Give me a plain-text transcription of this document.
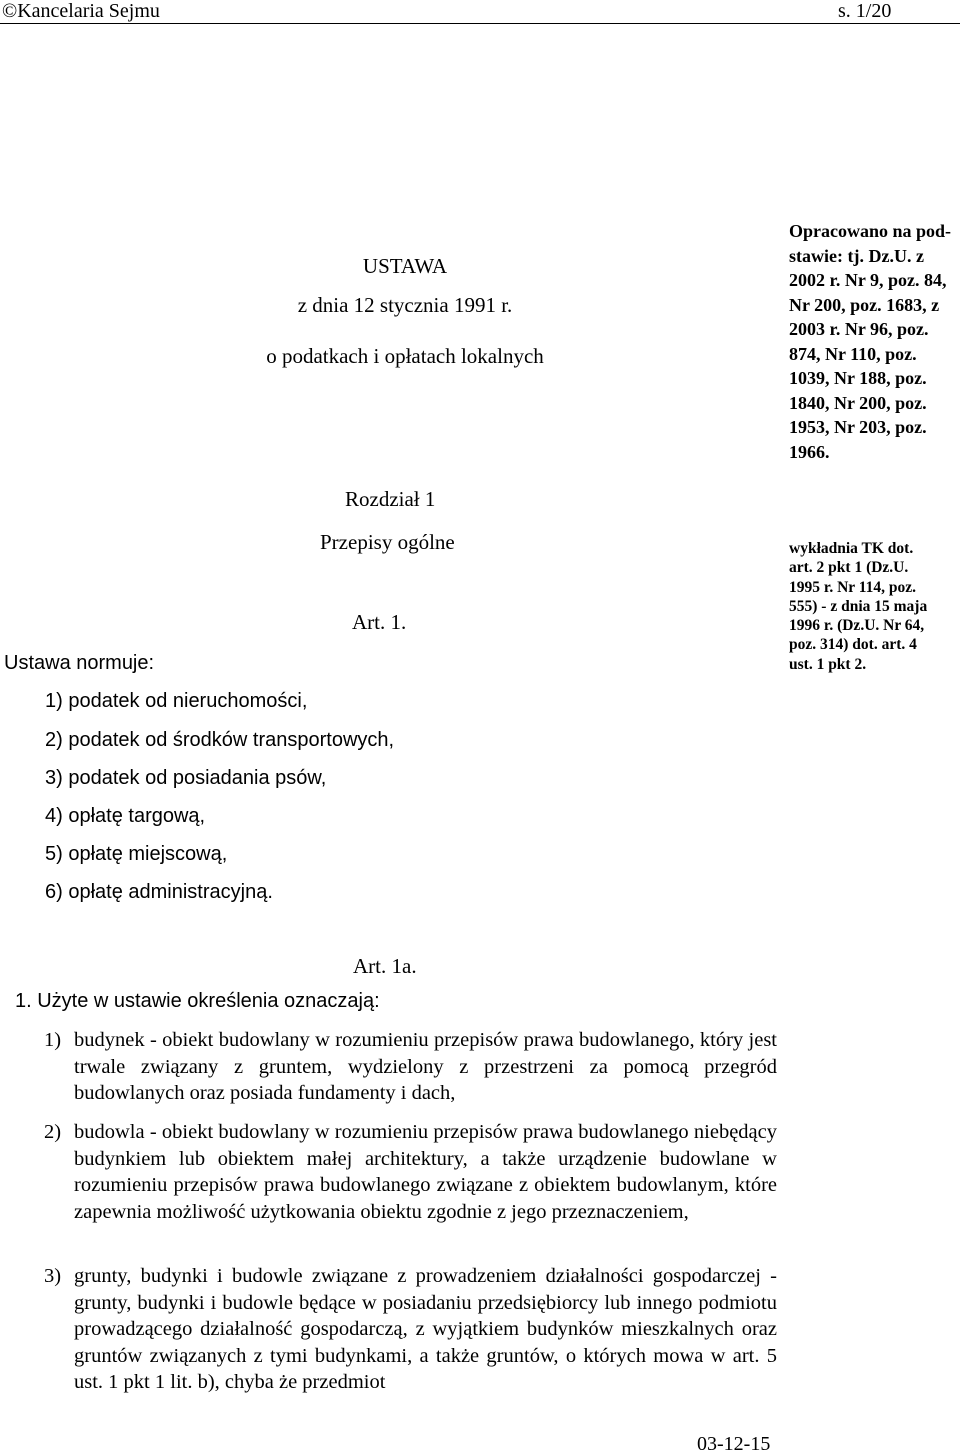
©Kancelaria Sejmu	s. 1/20
USTAWA
z dnia 12 stycznia 1991 r.
o podatkach i opłatach lokalnych
Opracowano na pod-
stawie: tj. Dz.U. z
2002 r. Nr 9, poz. 84,
Nr 200, poz. 1683, z
2003 r. Nr 96, poz.
874, Nr 110, poz.
1039, Nr 188, poz.
1840, Nr 200, poz.
1953, Nr 203, poz.
1966.
Rozdział 1
Przepisy ogólne	wykładnia TK dot.
art. 2 pkt 1 (Dz.U.
1995 r. Nr 114, poz.
555) - z dnia 15 maja
1996 r. (Dz.U. Nr 64,
poz. 314) dot. art. 4
ust. 1 pkt 2.
Art. 1.
Ustawa normuje:
1) podatek od nieruchomości,
2) podatek od środków transportowych,
3) podatek od posiadania psów,
4) opłatę targową,
5) opłatę miejscową,
6) opłatę administracyjną.
Art. 1a.
1. Użyte w ustawie określenia oznaczają:
1) budynek - obiekt budowlany w rozumieniu przepisów prawa budowlanego, który jest trwale związany z gruntem, wydzielony z przestrzeni za pomocą przegród budowlanych oraz posiada fundamenty i dach,
2) budowla - obiekt budowlany w rozumieniu przepisów prawa budowlanego niebędący budynkiem lub obiektem małej architektury, a także urządzenie budowlane w rozumieniu przepisów prawa budowlanego związane z obiektem budowlanym, które zapewnia możliwość użytkowania obiektu zgodnie z jego przeznaczeniem,
3) grunty, budynki i budowle związane z prowadzeniem działalności gospodarczej - grunty, budynki i budowle będące w posiadaniu przedsiębiorcy lub innego podmiotu prowadzącego działalność gospodarczą, z wyjątkiem budynków mieszkalnych oraz gruntów związanych z tymi budynkami, a także gruntów, o których mowa w art. 5 ust. 1 pkt 1 lit. b), chyba że przedmiot
03-12-15
